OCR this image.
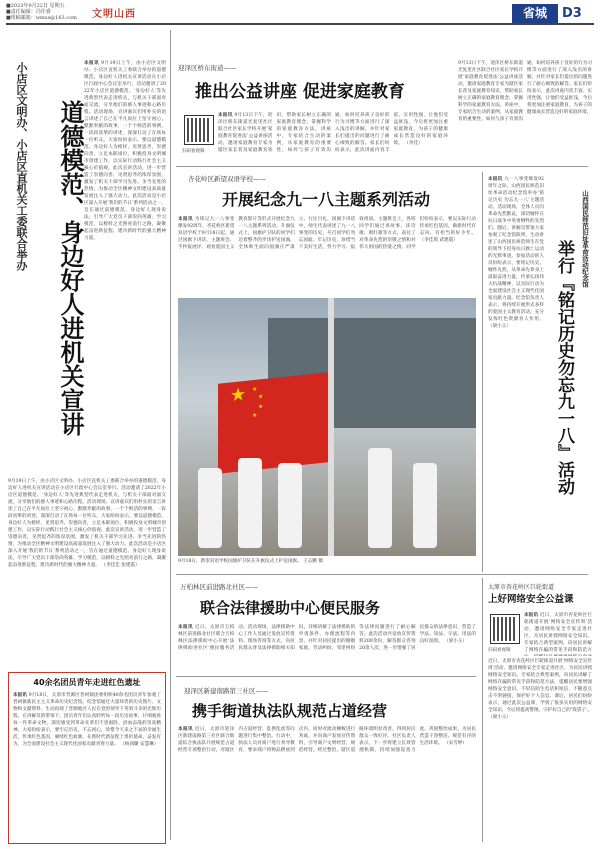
■2023年9月22日 星期五
■责任编辑：冯佳睿
■组稿邮箱：wmxs@163.com 文明山西	省城	D3
小店区文明办、小店区直机关工委联合举办	道德模范、身边好人进机关宣讲
本报讯 9月19日上午，由小店区文明办、小店区直机关工委联合举办的道德模范、身边好人进机关宣讲活动在小店区行政中心会议室举行。活动邀请了2022年小店区道德模范、‘身边好人’等先进典型代表走进机关，与机关干部面对面交流，分享他们的感人事迹和心路历程。活动现场，宣讲嘉宾们用朴实的语言讲述了自己在平凡岗位上坚守初心、默默奉献的故事，一个个鲜活的事例、一段段真挚的讲述，深深打动了在场每一位听众。大家纷纷表示，要以道德模范、身边好人为榜样，见贤思齐、崇德向善，立足本职岗位，积极投身文明城市创建工作，以实际行动践行社会主义核心价值观。此次宣讲活动，进一步营造了崇德向善、见贤思齐的浓厚氛围，激发了机关干部学习先进、争当先进的热情，为推动全区精神文明建设高质量发展注入了强大动力。此次活动是小店区深入开展‘我们的节日’系列活动之一，旨在通过道德模范、身边好人现身说法，引导广大党员干部崇尚英雄、学习模范，以榜样之光照亮前行之路，凝聚起奋进新征程、建功新时代的强大精神力量。
9月19日上午，由小店区文明办、小店区直机关工委联合举办的道德模范、身边好人进机关宣讲活动在小店区行政中心会议室举行。活动邀请了2022年小店区道德模范、‘身边好人’等先进典型代表走进机关，与机关干部面对面交流，分享他们的感人事迹和心路历程。活动现场，宣讲嘉宾们用朴实的语言讲述了自己在平凡岗位上坚守初心、默默奉献的故事，一个个鲜活的事例、一段段真挚的讲述，深深打动了在场每一位听众。大家纷纷表示，要以道德模范、身边好人为榜样，见贤思齐、崇德向善，立足本职岗位，积极投身文明城市创建工作，以实际行动践行社会主义核心价值观。此次宣讲活动，进一步营造了崇德向善、见贤思齐的浓厚氛围，激发了机关干部学习先进、争当先进的热情，为推动全区精神文明建设高质量发展注入了强大动力。此次活动是小店区深入开展‘我们的节日’系列活动之一，旨在通过道德模范、身边好人现身说法，引导广大党员干部崇尚英雄、学习模范，以榜样之光照亮前行之路，凝聚起奋进新征程、建功新时代的强大精神力量。 （李佳佳 张建霞）
40余名团员青年走进红色遗址
本报讯 9月18日，太原市晋源区晋祠镇团委组织40余名团员青年参观了晋祠镇新民主主义革命历史纪念馆。纪念馆通过大量珍贵的历史图片、文物和文献资料，生动再现了晋源地区人民在党的领导下英勇斗争的光辉历程。在讲解员的带领下，团员青年们认真聆听每一段历史故事，仔细观看每一件革命文物，深切感受到革命先辈们不畏艰险、浴血奋战的崇高精神。大家纷纷表示，要牢记历史、不忘初心，珍惜今天来之不易的幸福生活，传承红色基因，赓续红色血脉，在新时代新征程上勇担使命、奋发有为，为全面建设社会主义现代化国家贡献青春力量。 （杨润璐 安慧琳）
迎泽区桥东街道——
推出公益讲座 促进家庭教育
扫码看视频
本报讯 9月13日下午，迎泽区桥东街道光复里社区联合社区家长学校开展‘家庭教育促进法’公益讲座活动，邀请家庭教育专家为辖区家长普及家庭教育知识，帮助家长树立正确的家庭教育理念，掌握科学的家庭教育方法。讲座中，专家结合生动的案例，从家庭教育的重要性、如何与孩子有效沟通、如何培养孩子良好的行为习惯等方面进行了深入浅出的讲解，并针对家长们提出的问题进行了耐心细致的解答。家长们纷纷表示，此次讲座内容丰富、实用性强，让他们受益匪浅，今后将更加注重家庭教育，为孩子的健康成长营造良好的家庭环境。 （李佳）
杏花岭区新望双语学校——
开展纪念九一八主题系列活动
本报讯 为铭记九一八事变爆发92周年，杏花岭区新望双语学校于9月18日起，通过国旗下讲话、主题班会、手抄报展评、观看爱国主义教育影片等形式开展纪念九一八主题系列活动。升旗仪式上，国旗护卫队的同学们迈着整齐的步伐护送国旗，全体师生面向国旗庄严肃立、行注目礼。国旗下讲话中，师生代表讲述了九一八事变的历史，号召同学们勿忘国耻、牢记历史，珍惜当下美好生活，努力学习、报效祖国。主题班会上，各班同学们通过讲故事、读诗歌、唱红歌等方式，表达了对革命先烈的崇敬之情和对伟大祖国的热爱之情。同学们纷纷表示，要以实际行动传承红色基因，做新时代有志向、有担当的好少年。 （李佳琪 武建霞）
★ ★
★
★
★
9月18日，新望双语学校国旗护卫队在升旗仪式上护送国旗。 王志鹏 摄
山西国民师范旧址革命活动纪念馆
举行『铭记历史勿忘九一八』活动
本报讯 九一八事变爆发92周年之际，山西国民师范旧址革命活动纪念馆举办‘铭记历史 勿忘九一八’主题活动。活动现场，全体人员向革命先烈默哀，深切缅怀在抗日战争中英勇牺牲的先烈们。随后，讲解员带领大家参观了纪念馆陈列，生动讲述了山西国民师范师生在党的领导下投身抗日救亡运动的光辉事迹。参加活动的人员纷纷表示，要铭记历史、缅怀先烈，从革命先辈身上汲取奋进力量，传承弘扬伟大抗战精神，以实际行动为全面建设社会主义现代化国家贡献力量。纪念馆负责人表示，将持续开展形式多样的爱国主义教育活动，充分发挥红色资源育人作用。 （梁小玉）
9月13日下午，迎泽区桥东街道光复里社区联合社区家长学校开展‘家庭教育促进法’公益讲座活动，邀请家庭教育专家为辖区家长普及家庭教育知识，帮助家长树立正确的家庭教育理念，掌握科学的家庭教育方法。讲座中，专家结合生动的案例，从家庭教育的重要性、如何与孩子有效沟通、如何培养孩子良好的行为习惯等方面进行了深入浅出的讲解，并针对家长们提出的问题进行了耐心细致的解答。家长们纷纷表示，此次讲座内容丰富、实用性强，让他们受益匪浅，今后将更加注重家庭教育，为孩子的健康成长营造良好的家庭环境。
万柏林区前进路北社区——
联合法律援助中心便民服务
本报讯 近日，太原市万柏林区前进路北社区联合万柏林区法律援助中心开展‘法律援助进社区’便民服务活动。活动现场，法律援助中心工作人员通过发放宣传资料、现场咨询等方式，向居民群众普及法律援助相关知识，详细讲解了法律援助的申请条件、办理流程等内容，并针对居民提出的婚姻家庭、劳动纠纷、邻里纠纷等法律问题进行了耐心解答。此次活动共发放宣传资料200余份，解答群众咨询20余人次，进一步增强了居民群众的法律意识，营造了学法、知法、守法、用法的良好氛围。 （梁小玉）
迎泽区新建南路第三社区——
携手街道执法队规范占道经营
本报讯 近日，太原市迎泽区新建南路第三社区联合街道综合执法队开展规范占道经营专项整治行动，对辖区内占道经营、乱摆乱放等问题进行集中整治。行动中，执法人员对商户进行劝导教育，要求商户将物品摆放到店内，同时对流动摊贩进行劝离，并向商户发放宣传资料，引导商户文明经营、规范经营。经过整治，辖区道路环境明显改善，得到居民群众一致好评。社区负责人表示，下一步将建立长效管理机制，持续加强巡查力度，巩固整治成果，为居民营造干净整洁、规范有序的生活环境。 （宋雪婷）
太原市杏花岭区巨轮街道
上好网络安全公益课
扫码看视频
本报讯 近日，太原市杏花岭区巨轮街道开展‘网络安全宣传周’活动，邀请网络安全专家走进社区，为居民讲授网络安全知识。专家结合典型案例，向居民讲解了网络诈骗的常见手段和防范方
近日，太原市杏花岭区巨轮街道开展‘网络安全宣传周’活动，邀请网络安全专家走进社区，为居民讲授网络安全知识。专家结合典型案例，向居民讲解了网络诈骗的常见手段和防范方法，提醒居民要增强网络安全意识，不轻信陌生电话和短信，不随意点击不明链接，保护好个人信息。课后，居民们纷纷表示，通过此次公益课，学到了很多实用的网络安全知识，今后将提高警惕，守护好自己的‘钱袋子’。 （梁小玉）
